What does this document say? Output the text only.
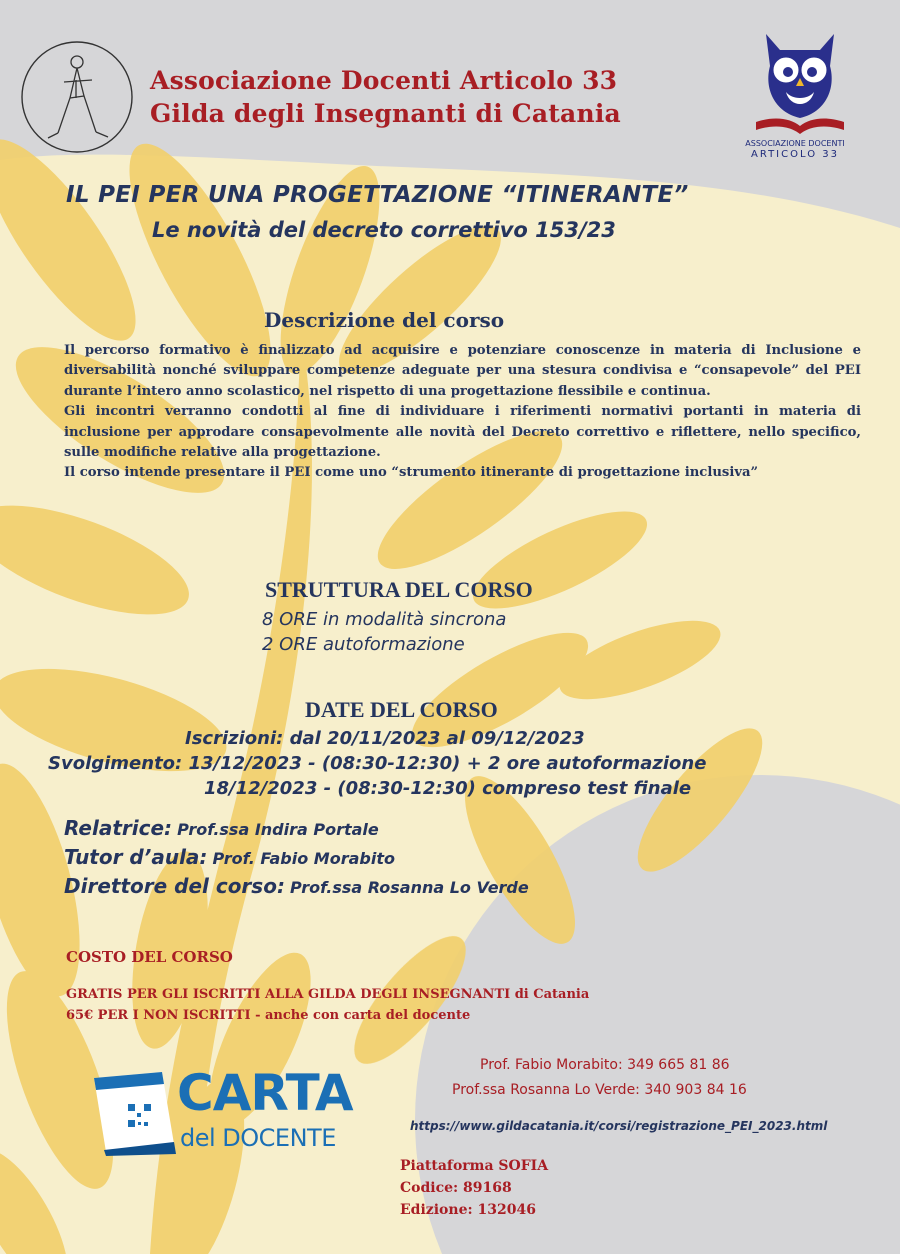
Associazione Docenti Articolo 33
Gilda degli Insegnanti di Catania
ASSOCIAZIONE DOCENTI
ARTICOLO 33
IL PEI PER UNA PROGETTAZIONE “ITINERANTE”
Le novità del decreto correttivo 153/23
Descrizione del corso

Il percorso formativo è finalizzato ad acquisire e potenziare conoscenze in materia di Inclusione e diversabilità nonché sviluppare competenze adeguate per una stesura condivisa e “consapevole” del PEI durante l’intero anno scolastico, nel rispetto di una progettazione flessibile e continua.

Gli incontri verranno condotti al fine di individuare i riferimenti normativi portanti in materia di inclusione per approdare consapevolmente alle novità del Decreto correttivo e riflettere, nello specifico, sulle modifiche relative alla progettazione.

Il corso intende presentare il PEI come uno “strumento itinerante di progettazione inclusiva”

STRUTTURA DEL CORSO
8 ORE in modalità sincrona
2 ORE autoformazione
DATE DEL CORSO
Iscrizioni: dal 20/11/2023 al 09/12/2023
Svolgimento: 13/12/2023 - (08:30-12:30) + 2 ore autoformazione
18/12/2023 - (08:30-12:30) compreso test finale
Relatrice: Prof.ssa Indira Portale
Tutor d’aula: Prof. Fabio Morabito
Direttore del corso: Prof.ssa Rosanna Lo Verde
COSTO DEL CORSO
GRATIS PER GLI ISCRITTI ALLA GILDA DEGLI INSEGNANTI di Catania
65€ PER I NON ISCRITTI - anche con carta del docente
CARTA
del DOCENTE
Prof. Fabio Morabito: 349 665 81 86
Prof.ssa Rosanna Lo Verde: 340 903 84 16
https://www.gildacatania.it/corsi/registrazione_PEI_2023.html
Piattaforma SOFIA
Codice: 89168
Edizione: 132046
